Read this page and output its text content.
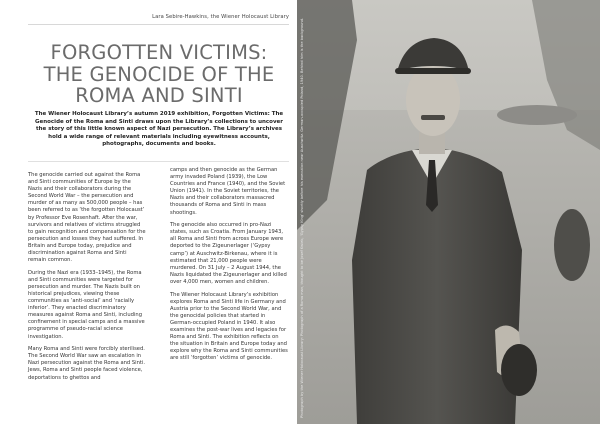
Lara Sebire-Hawkins, the Wiener Holocaust Library
FORGOTTEN VICTIMS: THE GENOCIDE OF THE ROMA AND SINTI

The Wiener Holocaust Library’s autumn 2019 exhibition, Forgotten Victims: The Genocide of the Roma and Sinti draws upon the Library’s collections to uncover the story of this little known aspect of Nazi persecution. The Library’s archives hold a wide range of relevant materials including eyewitness accounts, photographs, documents and books.

The genocide carried out against the Roma and Sinti communities of Europe by the Nazis and their collaborators during the Second World War – the persecution and murder of as many as 500,000 people – has been referred to as ‘the forgotten Holocaust’ by Professor Eve Rosenhaft. After the war, survivors and relatives of victims struggled to gain recognition and compensation for the persecution and losses they had suffered. In Britain and Europe today, prejudice and discrimination against Roma and Sinti remain common.

During the Nazi era (1933–1945), the Roma and Sinti communities were targeted for persecution and murder. The Nazis built on historical prejudices, viewing these communities as ‘anti-social’ and ‘racially inferior’. They enacted discriminatory measures against Roma and Sinti, including confinement in special camps and a massive programme of pseudo-racial science investigation.

Many Roma and Sinti were forcibly sterilised. The Second World War saw an escalation in Nazi persecution against the Roma and Sinti. Jews, Roma and Sinti people faced violence, deportations to ghettos and

camps and then genocide as the German army invaded Poland (1939), the Low Countries and France (1940), and the Soviet Union (1941). In the Soviet territories, the Nazis and their collaborators massacred thousands of Roma and Sinti in mass shootings.

The genocide also occurred in pro-Nazi states, such as Croatia. From January 1943, all Roma and Sinti from across Europe were deported to the Zigeunerlager (‘Gypsy camp’) at Auschwitz-Birkenau, where it is estimated that 21,000 people were murdered. On 31 July – 2 August 1944, the Nazis liquidated the Zigeunerlager and killed over 4,000 men, women and children.

The Wiener Holocaust Library’s exhibition explores Roma and Sinti life in Germany and Austria prior to the Second World War, and the genocidal policies that started in German-occupied Poland in 1940. It also examines the post-war lives and legacies for Roma and Sinti. The exhibition reflects on the situation in Britain and Europe today and explore why the Roma and Sinti communities are still ‘forgotten’ victims of genocide.	Photograph by the Wiener Holocaust Library: Photograph of a Roma man, thought to be Josef Kwiek, ‘Gypsy King’ shortly before his execution near Auschwitz. German-occupied Poland, 1940. Behind him is the background.
